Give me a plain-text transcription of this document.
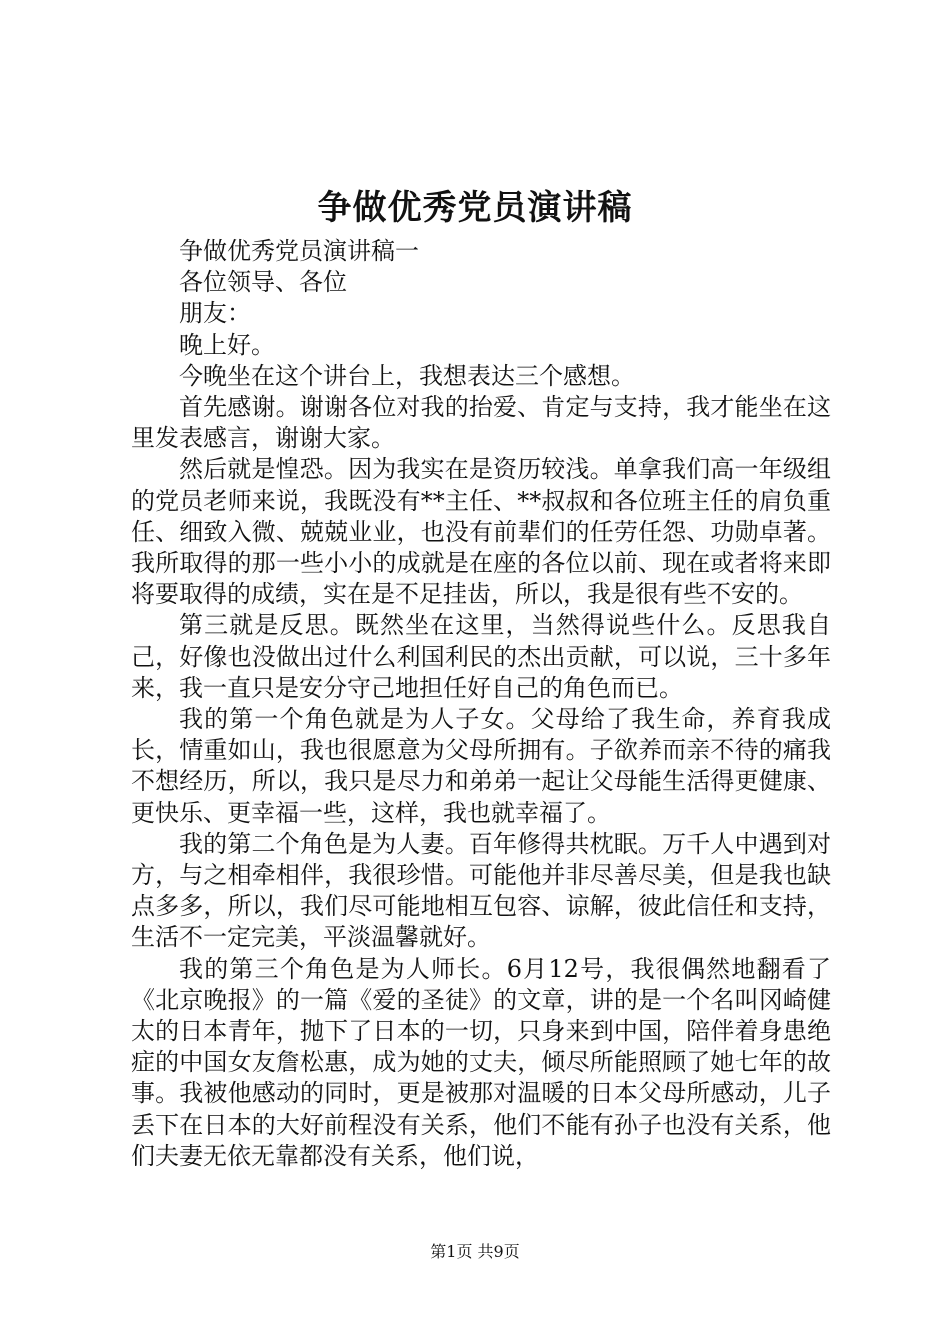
争做优秀党员演讲稿

争做优秀党员演讲稿一

各位领导、各位

朋友：

晚上好。

今晚坐在这个讲台上，我想表达三个感想。

首先感谢。谢谢各位对我的抬爱、肯定与支持，我才能坐在这里发表感言，谢谢大家。

然后就是惶恐。因为我实在是资历较浅。单拿我们高一年级组的党员老师来说，我既没有**主任、**叔叔和各位班主任的肩负重任、细致入微、兢兢业业，也没有前辈们的任劳任怨、功勋卓著。我所取得的那一些小小的成就是在座的各位以前、现在或者将来即将要取得的成绩，实在是不足挂齿，所以，我是很有些不安的。

第三就是反思。既然坐在这里，当然得说些什么。反思我自己，好像也没做出过什么利国利民的杰出贡献，可以说，三十多年来，我一直只是安分守己地担任好自己的角色而已。

我的第一个角色就是为人子女。父母给了我生命，养育我成长，情重如山，我也很愿意为父母所拥有。子欲养而亲不待的痛我不想经历，所以，我只是尽力和弟弟一起让父母能生活得更健康、更快乐、更幸福一些，这样，我也就幸福了。

我的第二个角色是为人妻。百年修得共枕眠。万千人中遇到对方，与之相牵相伴，我很珍惜。可能他并非尽善尽美，但是我也缺点多多，所以，我们尽可能地相互包容、谅解，彼此信任和支持，生活不一定完美，平淡温馨就好。

我的第三个角色是为人师长。6月12号，我很偶然地翻看了《北京晚报》的一篇《爱的圣徒》的文章，讲的是一个名叫冈崎健太的日本青年，抛下了日本的一切，只身来到中国，陪伴着身患绝症的中国女友詹松惠，成为她的丈夫，倾尽所能照顾了她七年的故事。我被他感动的同时，更是被那对温暖的日本父母所感动，儿子丢下在日本的大好前程没有关系，他们不能有孙子也没有关系，他们夫妻无依无靠都没有关系，他们说，

第1页 共9页
